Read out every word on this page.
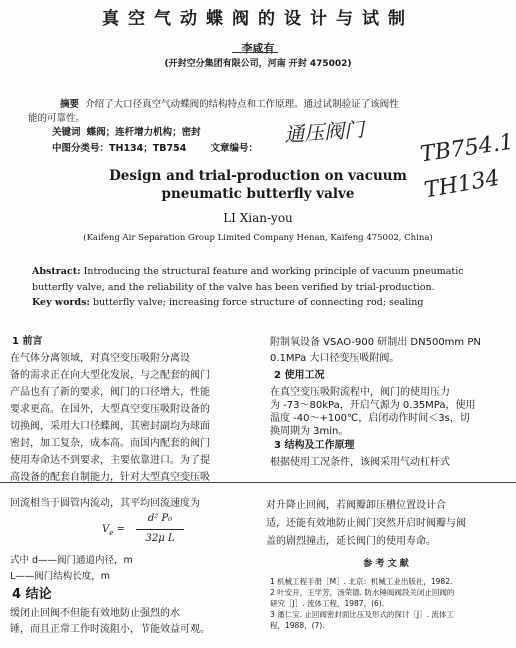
真空气动蝶阀的设计与试制
李咸有
(开封空分集团有限公司，河南 开封 475002)
摘要 介绍了大口径真空气动蝶阀的结构特点和工作原理。通过试制验证了该阀性
能的可靠性。
关键词 蝶阀；连杆增力机构；密封
中图分类号：TH134；TB754	文章编号：
通压阀门 TB754.1
TH134
Design and trial-production on vacuum
pneumatic butterfly valve
LI Xian-you
(Kaifeng Air Separation Group Limited Company Henan, Kaifeng 475002, China)
Abstract: Introducing the structural feature and working principle of vacuum pneumatic
butterfly valve, and the reliability of the valve has been verified by trial-production.
Key words: butterfly valve; increasing force structure of connecting rod; sealing
1 前言
在气体分离领域，对真空变压吸附分离设
备的需求正在向大型化发展，与之配套的阀门
产品也有了新的要求，阀门的口径增大，性能
要求更高。在国外，大型真空变压吸附设备的
切换阀，采用大口径蝶阀，其密封副均为球面
密封，加工复杂，成本高。而国内配套的阀门
使用寿命达不到要求，主要依靠进口。为了提
高设备的配套自制能力，针对大型真空变压吸
附制氧设备 VSAO-900 研制出 DN500mm PN
0.1MPa 大口径变压吸附阀。
2 使用工况
在真空变压吸附流程中，阀门的使用压力
为 -73～80kPa，开启气源为 0.35MPa，使用
温度 -40～+100℃，启闭动作时间＜3s，切
换周期为 3min。
3 结构及工作原理
根据使用工况条件，该阀采用气动杠杆式
回流相当于圆管内流动，其平均回流速度为
$V_e$ =
d² P₀
32μ L
式中 d——阀门通道内径，m
L——阀门结构长度，m
4 结论
缓闭止回阀不但能有效地防止强烈的水
锤，而且正常工作时流阻小，节能效益可观。
对升降止回阀，若阀瓣卸压槽位置设计合
适，还能有效地防止阀门突然开启时阀瓣与阀
盖的剧烈撞击，延长阀门的使用寿命。
参 考 文 献
1 机械工程手册［M］. 北京：机械工业出版社，1982.
2 叶安开，王学芳，汤荣德. 防水锤阀阀段关闭止回阀的
研究［J］. 流体工程，1987，(6).
3 潘仁宝. 止回阀密封面比压及形式的探讨［J］. 流体工
程，1988，(7).
